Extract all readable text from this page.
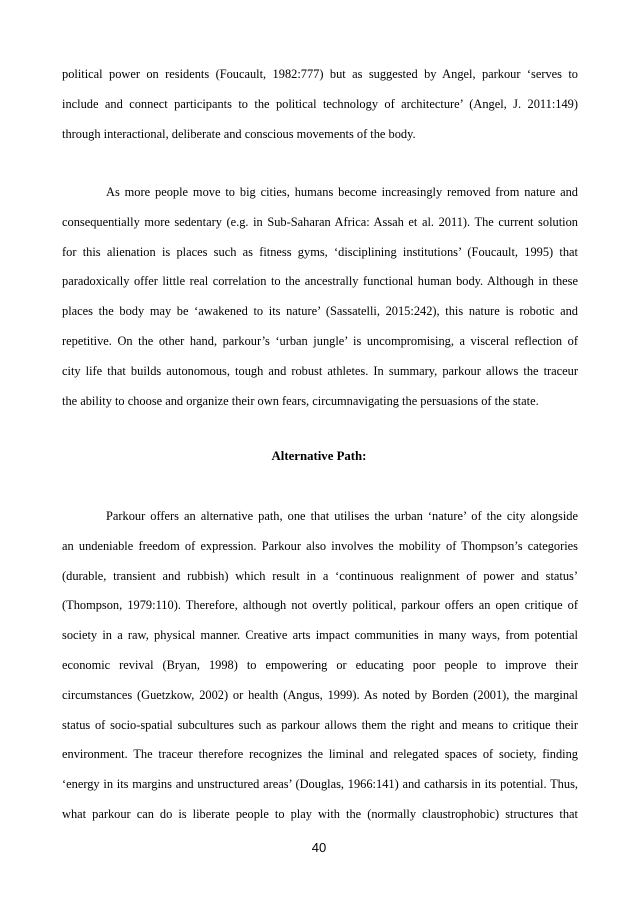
political power on residents (Foucault, 1982:777) but as suggested by Angel, parkour ‘serves to
include and connect participants to the political technology of architecture’ (Angel, J. 2011:149)
through interactional, deliberate and conscious movements of the body.
As more people move to big cities, humans become increasingly removed from nature and
consequentially more sedentary (e.g. in Sub-Saharan Africa: Assah et al. 2011). The current solution
for this alienation is places such as fitness gyms, ‘disciplining institutions’ (Foucault, 1995) that
paradoxically offer little real correlation to the ancestrally functional human body. Although in these
places the body may be ‘awakened to its nature’ (Sassatelli, 2015:242), this nature is robotic and
repetitive. On the other hand, parkour’s ‘urban jungle’ is uncompromising, a visceral reflection of
city life that builds autonomous, tough and robust athletes. In summary, parkour allows the traceur
the ability to choose and organize their own fears, circumnavigating the persuasions of the state.
Alternative Path:
Parkour offers an alternative path, one that utilises the urban ‘nature’ of the city alongside
an undeniable freedom of expression. Parkour also involves the mobility of Thompson’s categories
(durable, transient and rubbish) which result in a ‘continuous realignment of power and status’
(Thompson, 1979:110). Therefore, although not overtly political, parkour offers an open critique of
society in a raw, physical manner. Creative arts impact communities in many ways, from potential
economic revival (Bryan, 1998) to empowering or educating poor people to improve their
circumstances (Guetzkow, 2002) or health (Angus, 1999). As noted by Borden (2001), the marginal
status of socio-spatial subcultures such as parkour allows them the right and means to critique their
environment. The traceur therefore recognizes the liminal and relegated spaces of society, finding
‘energy in its margins and unstructured areas’ (Douglas, 1966:141) and catharsis in its potential. Thus,
what parkour can do is liberate people to play with the (normally claustrophobic) structures that
40
